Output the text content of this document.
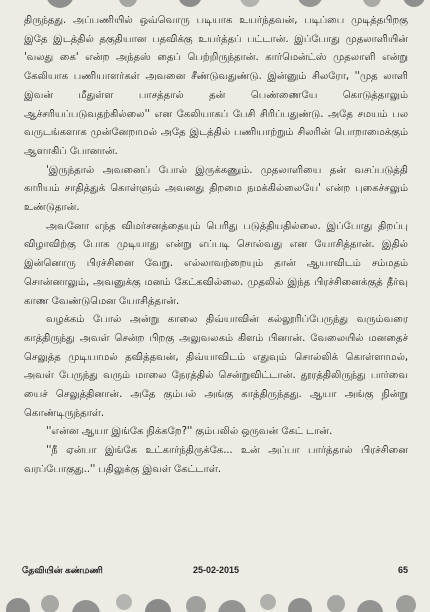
திருந்தது. அப்பணியில் ஒவ்வொரு படியாக உயர்ந்தவன், படிப்பை முடித்தபிறகு இதே இடத்தில் தகுதியான பதவிக்கு உயர்த்தப் பட்டான். இப்போது முதலாளியின் 'வலது கை' என்ற அந்தஸ் தைப் பெற்றிருந்தான். கார்மென்ட்ஸ் முதலாளி என்று கேலியாக பணியாளர்கள் அவனை சீண்டுவதுண்டு. இன்னும் சிலரோ, ''முத லாளி இவன் மீதுள்ள பாசத்தால் தன் பெண்ணையே கொடுத்தாலும் ஆச்சரியப்படுவதற்கில்லை'' என கேலியாகப் பேசி சிரிப்பதுண்டு. அதே சமயம் பல வருடங்களாக முன்னேறாமல் அதே இடத்தில் பணியாற்றும் சிலரின் பொறாமைக்கும் ஆளாகிப் போனான்.

'இருந்தால் அவனைப் போல் இருக்கணும். முதலாளியை தன் வசப்படுத்தி காரியம் சாதித்துக் கொள்ளும் அவனது திறமை நமக்கில்லையே' என்ற புகைச்சலும் உண்டுதான்.

அவனோ எந்த விமர்சனத்தையும் பெரிது படுத்தியதில்லை. இப்போது திறப்பு விழாவிற்கு போக முடியாது என்று எப்படி சொல்வது என யோசித்தான். இதில் இன்னொரு பிரச்சினை வேறு. எல்லாவற்றையும் தான் ஆயாவிடம் சம்மதம் சொன்னாலும், அவனுக்கு மனம் கேட்கவில்லை. முதலில் இந்த பிரச்சினைக்குத் தீர்வு காண வேண்டுமென யோசித்தான்.

வழக்கம் போல் அன்று காலை திவ்யாவின் கல்லூரிப்பேருந்து வரும்வரை காத்திருந்து அவள் சென்ற பிறகு அலுவலகம் கிளம் பினான். வேலையில் மனதைச் செலுத்த முடியாமல் தவித்தவன், திவ்யாவிடம் எதுவும் சொல்லிக் கொள்ளாமல், அவள் பேருந்து வரும் மாலை நேரத்தில் சென்றுவிட்டான். தூரத்திலிருந்து பார்வை யைச் செலுத்தினான். அதே கும்பல் அங்கு காத்திருந்தது. ஆயா அங்கு நின்று கொண்டிருந்தாள்.

''என்ன ஆயா இங்கே நிக்கறே?'' கும்பலில் ஒருவன் கேட் டான்.

''நீ ஏன்பா இங்கே உட்கார்ந்திருக்கே... உன் அப்பா பார்த்தால் பிரச்சினை வரப்போகுது..'' பதிலுக்கு இவள் கேட்டாள்.

தேவியின் கண்மணி	25-02-2015	65
